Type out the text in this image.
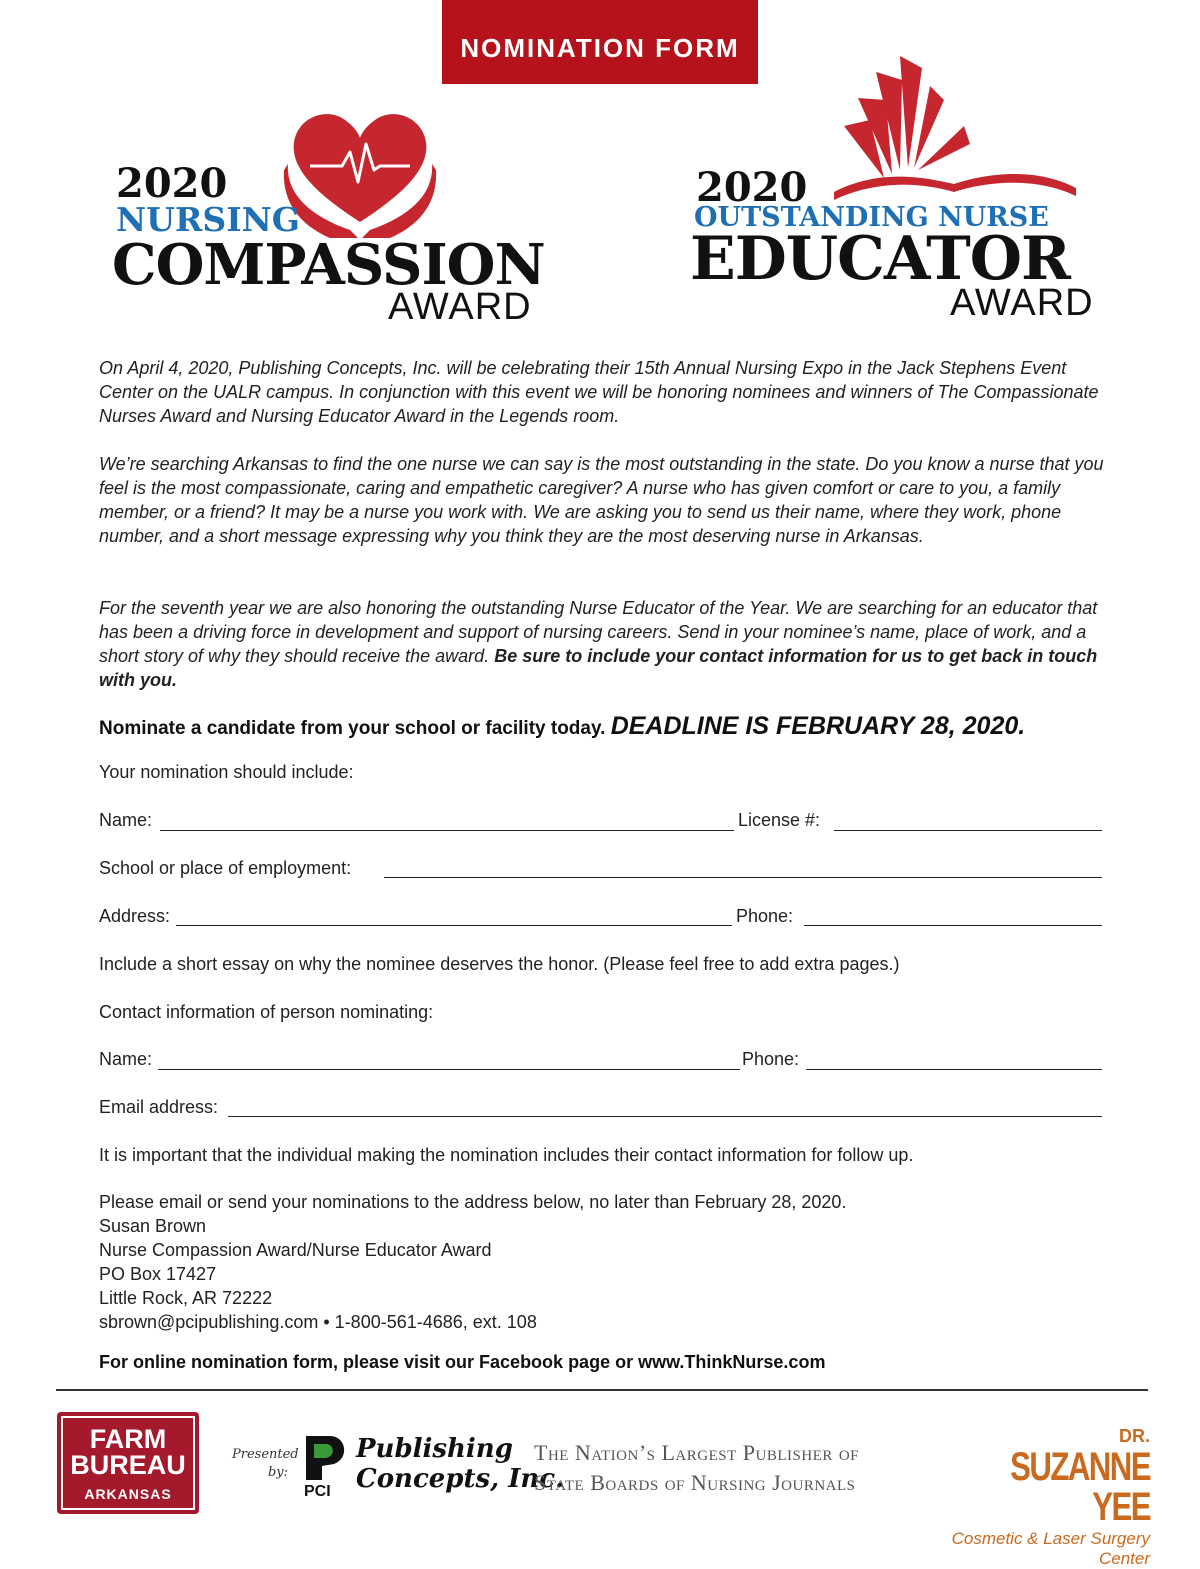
NOMINATION FORM
2020
NURSING
COMPASSION
AWARD
2020
OUTSTANDING NURSE
EDUCATOR
AWARD

On April 4, 2020, Publishing Concepts, Inc. will be celebrating their 15th Annual Nursing Expo in the Jack Stephens Event Center on the UALR campus. In conjunction with this event we will be honoring nominees and winners of The Compassionate Nurses Award and Nursing Educator Award in the Legends room.

We’re searching Arkansas to find the one nurse we can say is the most outstanding in the state. Do you know a nurse that you feel is the most compassionate, caring and empathetic caregiver? A nurse who has given comfort or care to you, a family member, or a friend? It may be a nurse you work with. We are asking you to send us their name, where they work, phone number, and a short message expressing why you think they are the most deserving nurse in Arkansas.

For the seventh year we are also honoring the outstanding Nurse Educator of the Year. We are searching for an educator that has been a driving force in development and support of nursing careers. Send in your nominee’s name, place of work, and a short story of why they should receive the award. Be sure to include your contact information for us to get back in touch with you.

Nominate a candidate from your school or facility today. DEADLINE IS FEBRUARY 28, 2020.
Your nomination should include:
Name:	License #:
School or place of employment:
Address:	Phone:
Include a short essay on why the nominee deserves the honor. (Please feel free to add extra pages.)
Contact information of person nominating:
Name:	Phone:
Email address:
It is important that the individual making the nomination includes their contact information for follow up.
Please email or send your nominations to the address below, no later than February 28, 2020.
Susan Brown
Nurse Compassion Award/Nurse Educator Award
PO Box 17427
Little Rock, AR 72222
sbrown@pcipublishing.com • 1-800-561-4686, ext. 108
For online nomination form, please visit our Facebook page or www.ThinkNurse.com
FARM
BUREAU
ARKANSAS
Presented by:
PCI
Publishing
Concepts, Inc.
The Nation’s Largest Publisher of
State Boards of Nursing Journals
DR.SUZANNE YEE
Cosmetic & Laser Surgery Center
